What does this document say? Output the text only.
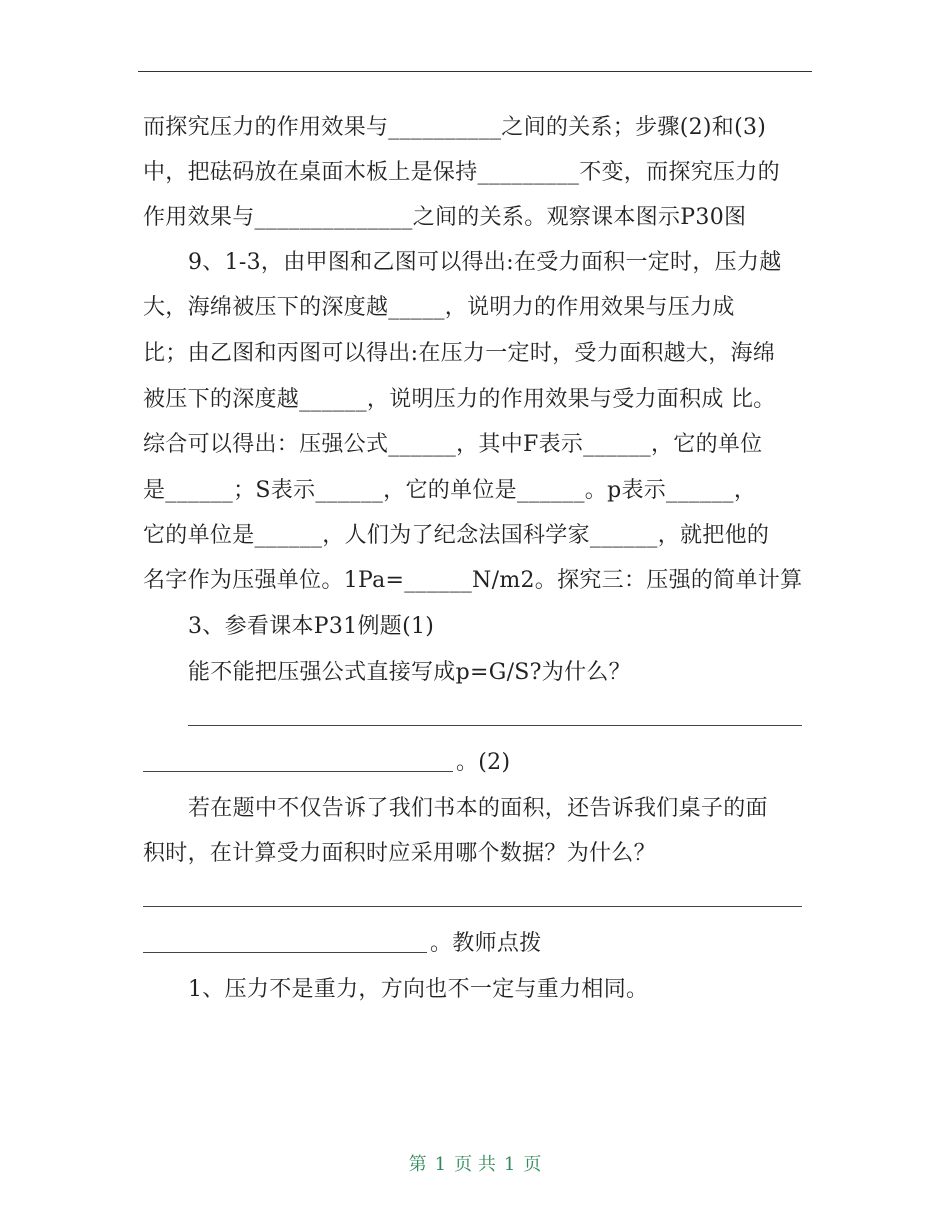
而探究压力的作用效果与__________之间的关系；步骤(2)和(3)
中，把砝码放在桌面木板上是保持_________不变，而探究压力的
作用效果与______________之间的关系。观察课本图示P30图
9、1-3，由甲图和乙图可以得出:在受力面积一定时，压力越
大，海绵被压下的深度越_____，说明力的作用效果与压力成
比；由乙图和丙图可以得出:在压力一定时，受力面积越大，海绵
被压下的深度越______，说明压力的作用效果与受力面积成 比。
综合可以得出：压强公式______，其中F表示______，它的单位
是______；S表示______，它的单位是______。p表示______，
它的单位是______，人们为了纪念法国科学家______，就把他的
名字作为压强单位。1Pa=______N/m2。探究三：压强的简单计算
3、参看课本P31例题(1)
能不能把压强公式直接写成p=G/S?为什么？
。(2)
若在题中不仅告诉了我们书本的面积，还告诉我们桌子的面
积时，在计算受力面积时应采用哪个数据？为什么？
。教师点拨
1、压力不是重力，方向也不一定与重力相同。
第 1 页 共 1 页
